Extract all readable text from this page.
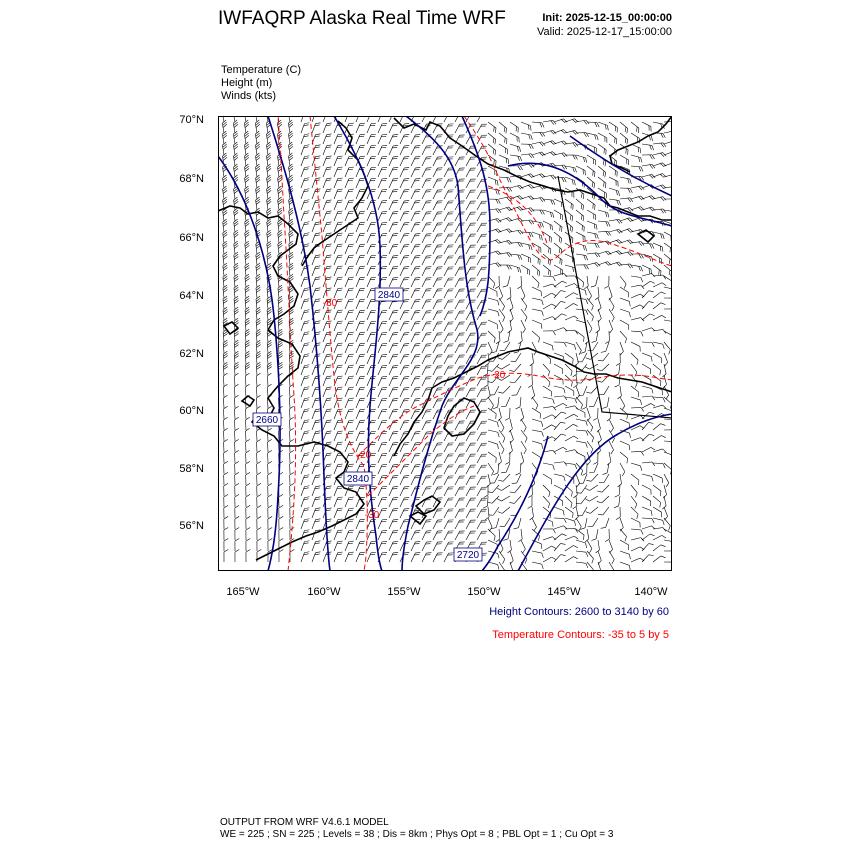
IWFAQRP Alaska Real Time WRF	Init: 2025-12-15_00:00:00
Valid: 2025-12-17_15:00:00
Temperature (C)
Height (m)
Winds (kts)
70°N
68°N
66°N
64°N
62°N
60°N
58°N
56°N
165°W	160°W	155°W	150°W	145°W	140°W
2840
2660
2840
2720
-20
-30
-20
-30
Height Contours: 2600 to 3140 by 60
Temperature Contours: -35 to 5 by 5
OUTPUT FROM WRF V4.6.1 MODEL
WE = 225 ; SN = 225 ; Levels = 38 ; Dis = 8km ; Phys Opt = 8 ; PBL Opt = 1 ; Cu Opt = 3
